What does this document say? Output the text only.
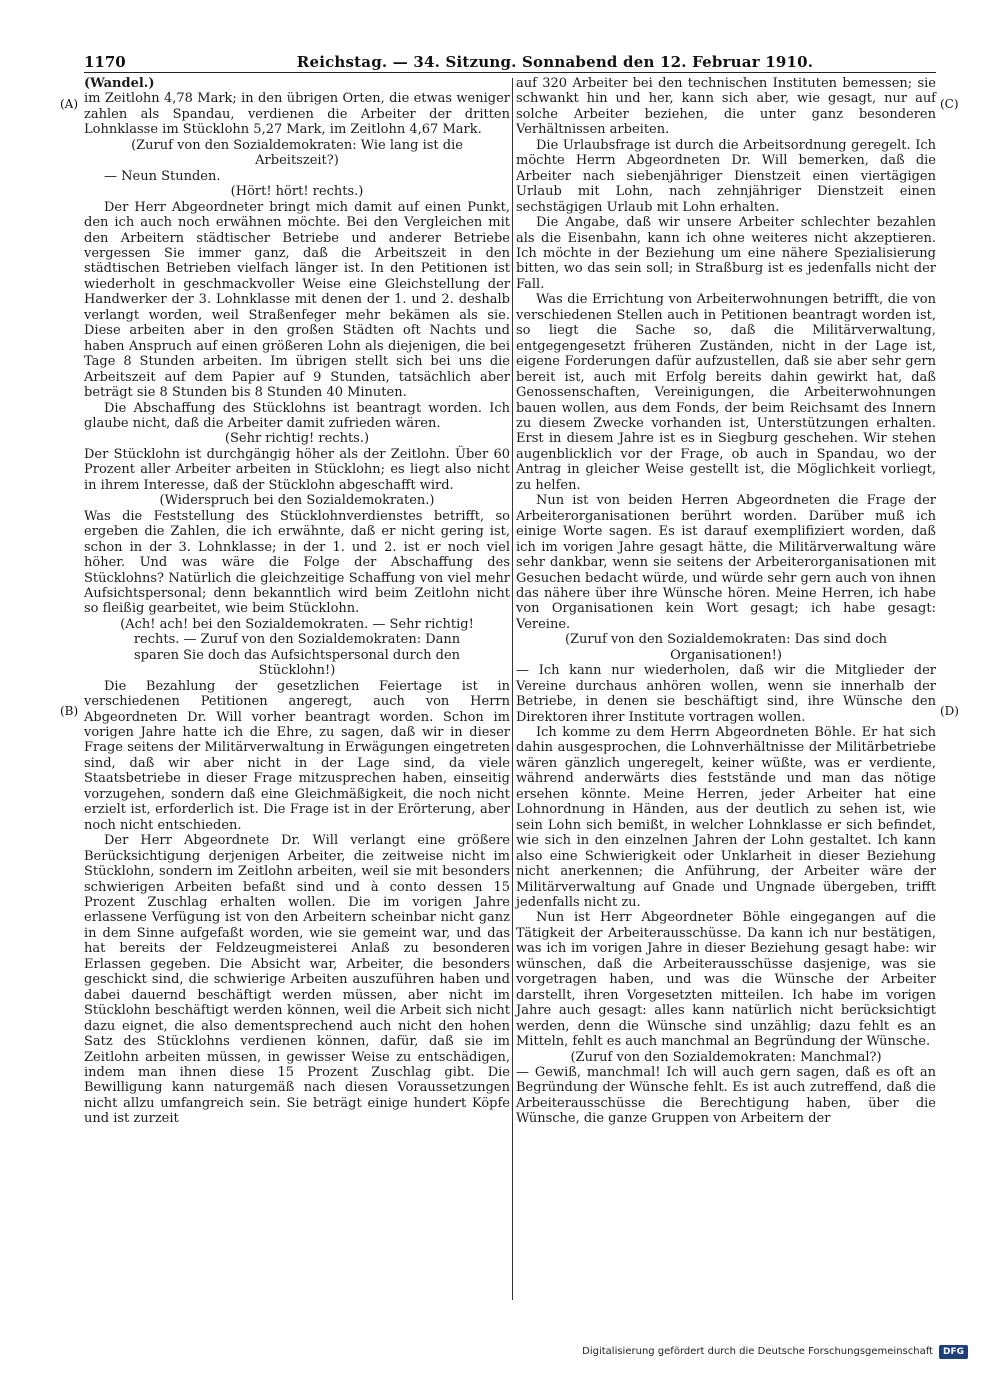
1170	Reichstag. — 34. Sitzung. Sonnabend den 12. Februar 1910.
(A)
(B)
(C)
(D)

(Wandel.)

im Zeitlohn 4,78 Mark; in den übrigen Orten, die etwas weniger zahlen als Spandau, verdienen die Arbeiter der dritten Lohnklasse im Stücklohn 5,27 Mark, im Zeitlohn 4,67 Mark.

(Zuruf von den Sozialdemokraten: Wie lang ist die Arbeitszeit?)

— Neun Stunden.

(Hört! hört! rechts.)

Der Herr Abgeordneter bringt mich damit auf einen Punkt, den ich auch noch erwähnen möchte. Bei den Vergleichen mit den Arbeitern städtischer Betriebe und anderer Betriebe vergessen Sie immer ganz, daß die Arbeitszeit in den städtischen Betrieben vielfach länger ist. In den Petitionen ist wiederholt in geschmackvoller Weise eine Gleichstellung der Handwerker der 3. Lohnklasse mit denen der 1. und 2. deshalb verlangt worden, weil Straßenfeger mehr bekämen als sie. Diese arbeiten aber in den großen Städten oft Nachts und haben Anspruch auf einen größeren Lohn als diejenigen, die bei Tage 8 Stunden arbeiten. Im übrigen stellt sich bei uns die Arbeitszeit auf dem Papier auf 9 Stunden, tatsächlich aber beträgt sie 8 Stunden bis 8 Stunden 40 Minuten.

Die Abschaffung des Stücklohns ist beantragt worden. Ich glaube nicht, daß die Arbeiter damit zufrieden wären.

(Sehr richtig! rechts.)

Der Stücklohn ist durchgängig höher als der Zeitlohn. Über 60 Prozent aller Arbeiter arbeiten in Stücklohn; es liegt also nicht in ihrem Interesse, daß der Stücklohn abgeschafft wird.

(Widerspruch bei den Sozialdemokraten.)

Was die Feststellung des Stücklohnverdienstes betrifft, so ergeben die Zahlen, die ich erwähnte, daß er nicht gering ist, schon in der 3. Lohnklasse; in der 1. und 2. ist er noch viel höher. Und was wäre die Folge der Abschaffung des Stücklohns? Natürlich die gleichzeitige Schaffung von viel mehr Aufsichtspersonal; denn bekanntlich wird beim Zeitlohn nicht so fleißig gearbeitet, wie beim Stücklohn.

(Ach! ach! bei den Sozialdemokraten. — Sehr richtig! rechts. — Zuruf von den Sozialdemokraten: Dann sparen Sie doch das Aufsichtspersonal durch den Stücklohn!)

Die Bezahlung der gesetzlichen Feiertage ist in verschiedenen Petitionen angeregt, auch von Herrn Abgeordneten Dr. Will vorher beantragt worden. Schon im vorigen Jahre hatte ich die Ehre, zu sagen, daß wir in dieser Frage seitens der Militärverwaltung in Erwägungen eingetreten sind, daß wir aber nicht in der Lage sind, da viele Staatsbetriebe in dieser Frage mitzusprechen haben, einseitig vorzugehen, sondern daß eine Gleichmäßigkeit, die noch nicht erzielt ist, erforderlich ist. Die Frage ist in der Erörterung, aber noch nicht entschieden.

Der Herr Abgeordnete Dr. Will verlangt eine größere Berücksichtigung derjenigen Arbeiter, die zeitweise nicht im Stücklohn, sondern im Zeitlohn arbeiten, weil sie mit besonders schwierigen Arbeiten befaßt sind und à conto dessen 15 Prozent Zuschlag erhalten wollen. Die im vorigen Jahre erlassene Verfügung ist von den Arbeitern scheinbar nicht ganz in dem Sinne aufgefaßt worden, wie sie gemeint war, und das hat bereits der Feldzeugmeisterei Anlaß zu besonderen Erlassen gegeben. Die Absicht war, Arbeiter, die besonders geschickt sind, die schwierige Arbeiten auszuführen haben und dabei dauernd beschäftigt werden müssen, aber nicht im Stücklohn beschäftigt werden können, weil die Arbeit sich nicht dazu eignet, die also dementsprechend auch nicht den hohen Satz des Stücklohns verdienen können, dafür, daß sie im Zeitlohn arbeiten müssen, in gewisser Weise zu entschädigen, indem man ihnen diese 15 Prozent Zuschlag gibt. Die Bewilligung kann naturgemäß nach diesen Voraussetzungen nicht allzu umfangreich sein. Sie beträgt einige hundert Köpfe und ist zurzeit

auf 320 Arbeiter bei den technischen Instituten bemessen; sie schwankt hin und her, kann sich aber, wie gesagt, nur auf solche Arbeiter beziehen, die unter ganz besonderen Verhältnissen arbeiten.

Die Urlaubsfrage ist durch die Arbeitsordnung geregelt. Ich möchte Herrn Abgeordneten Dr. Will bemerken, daß die Arbeiter nach siebenjähriger Dienstzeit einen viertägigen Urlaub mit Lohn, nach zehnjähriger Dienstzeit einen sechstägigen Urlaub mit Lohn erhalten.

Die Angabe, daß wir unsere Arbeiter schlechter bezahlen als die Eisenbahn, kann ich ohne weiteres nicht akzeptieren. Ich möchte in der Beziehung um eine nähere Spezialisierung bitten, wo das sein soll; in Straßburg ist es jedenfalls nicht der Fall.

Was die Errichtung von Arbeiterwohnungen betrifft, die von verschiedenen Stellen auch in Petitionen beantragt worden ist, so liegt die Sache so, daß die Militärverwaltung, entgegengesetzt früheren Zuständen, nicht in der Lage ist, eigene Forderungen dafür aufzustellen, daß sie aber sehr gern bereit ist, auch mit Erfolg bereits dahin gewirkt hat, daß Genossenschaften, Vereinigungen, die Arbeiterwohnungen bauen wollen, aus dem Fonds, der beim Reichsamt des Innern zu diesem Zwecke vorhanden ist, Unterstützungen erhalten. Erst in diesem Jahre ist es in Siegburg geschehen. Wir stehen augenblicklich vor der Frage, ob auch in Spandau, wo der Antrag in gleicher Weise gestellt ist, die Möglichkeit vorliegt, zu helfen.

Nun ist von beiden Herren Abgeordneten die Frage der Arbeiterorganisationen berührt worden. Darüber muß ich einige Worte sagen. Es ist darauf exemplifiziert worden, daß ich im vorigen Jahre gesagt hätte, die Militärverwaltung wäre sehr dankbar, wenn sie seitens der Arbeiterorganisationen mit Gesuchen bedacht würde, und würde sehr gern auch von ihnen das nähere über ihre Wünsche hören. Meine Herren, ich habe von Organisationen kein Wort gesagt; ich habe gesagt: Vereine.

(Zuruf von den Sozialdemokraten: Das sind doch Organisationen!)

— Ich kann nur wiederholen, daß wir die Mitglieder der Vereine durchaus anhören wollen, wenn sie innerhalb der Betriebe, in denen sie beschäftigt sind, ihre Wünsche den Direktoren ihrer Institute vortragen wollen.

Ich komme zu dem Herrn Abgeordneten Böhle. Er hat sich dahin ausgesprochen, die Lohnverhältnisse der Militärbetriebe wären gänzlich ungeregelt, keiner wüßte, was er verdiente, während anderwärts dies feststände und man das nötige ersehen könnte. Meine Herren, jeder Arbeiter hat eine Lohnordnung in Händen, aus der deutlich zu sehen ist, wie sein Lohn sich bemißt, in welcher Lohnklasse er sich befindet, wie sich in den einzelnen Jahren der Lohn gestaltet. Ich kann also eine Schwierigkeit oder Unklarheit in dieser Beziehung nicht anerkennen; die Anführung, der Arbeiter wäre der Militärverwaltung auf Gnade und Ungnade übergeben, trifft jedenfalls nicht zu.

Nun ist Herr Abgeordneter Böhle eingegangen auf die Tätigkeit der Arbeiterausschüsse. Da kann ich nur bestätigen, was ich im vorigen Jahre in dieser Beziehung gesagt habe: wir wünschen, daß die Arbeiterausschüsse dasjenige, was sie vorgetragen haben, und was die Wünsche der Arbeiter darstellt, ihren Vorgesetzten mitteilen. Ich habe im vorigen Jahre auch gesagt: alles kann natürlich nicht berücksichtigt werden, denn die Wünsche sind unzählig; dazu fehlt es an Mitteln, fehlt es auch manchmal an Begründung der Wünsche.

(Zuruf von den Sozialdemokraten: Manchmal?)

— Gewiß, manchmal! Ich will auch gern sagen, daß es oft an Begründung der Wünsche fehlt. Es ist auch zutreffend, daß die Arbeiterausschüsse die Berechtigung haben, über die Wünsche, die ganze Gruppen von Arbeitern der

Digitalisierung gefördert durch die Deutsche Forschungsgemeinschaft	DFG
